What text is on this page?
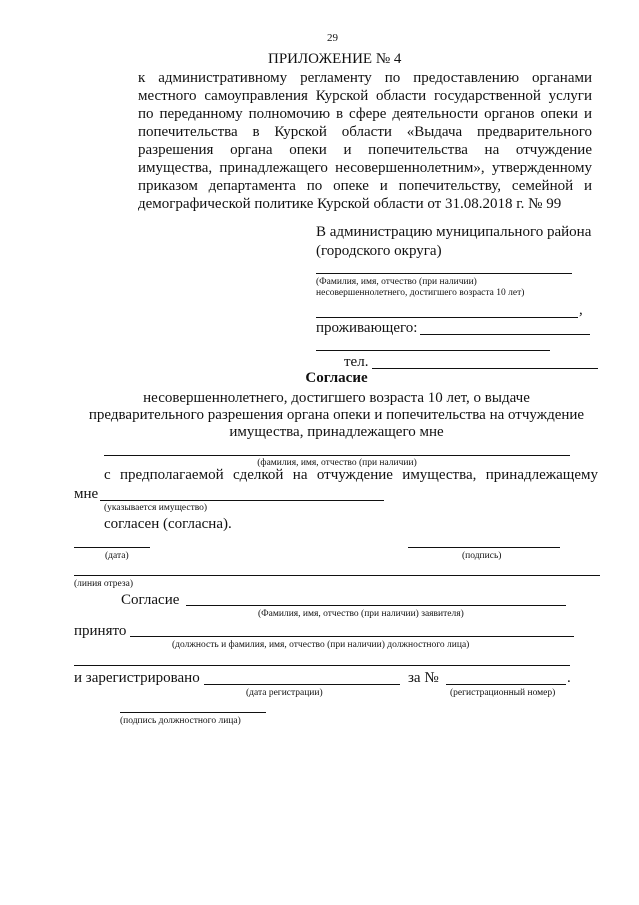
29
ПРИЛОЖЕНИЕ № 4
к административному регламенту по предоставлению органами
местного самоуправления Курской области государственной услуги
по переданному полномочию в сфере деятельности органов опеки и
попечительства в Курской области «Выдача предварительного
разрешения органа опеки и попечительства на отчуждение
имущества, принадлежащего несовершеннолетним», утвержденному
приказом департамента по опеке и попечительству, семейной и
демографической политике Курской области от 31.08.2018 г. № 99
В администрацию муниципального района
(городского округа)
(Фамилия, имя, отчество (при наличии)
несовершеннолетнего, достигшего возраста 10 лет)
,
проживающего:
тел.
Согласие
несовершеннолетнего, достигшего возраста 10 лет, о выдаче
предварительного разрешения органа опеки и попечительства на отчуждение
имущества, принадлежащего мне
(фамилия, имя, отчество (при наличии)
с предполагаемой сделкой на отчуждение имущества, принадлежащему
мне
(указывается имущество)
согласен (согласна).
(дата)	(подпись)
(линия отреза)
Согласие
(Фамилия, имя, отчество (при наличии) заявителя)
принято
(должность и фамилия, имя, отчество (при наличии) должностного лица)
и зарегистрировано	за №	.
(дата регистрации)	(регистрационный номер)
(подпись должностного лица)
